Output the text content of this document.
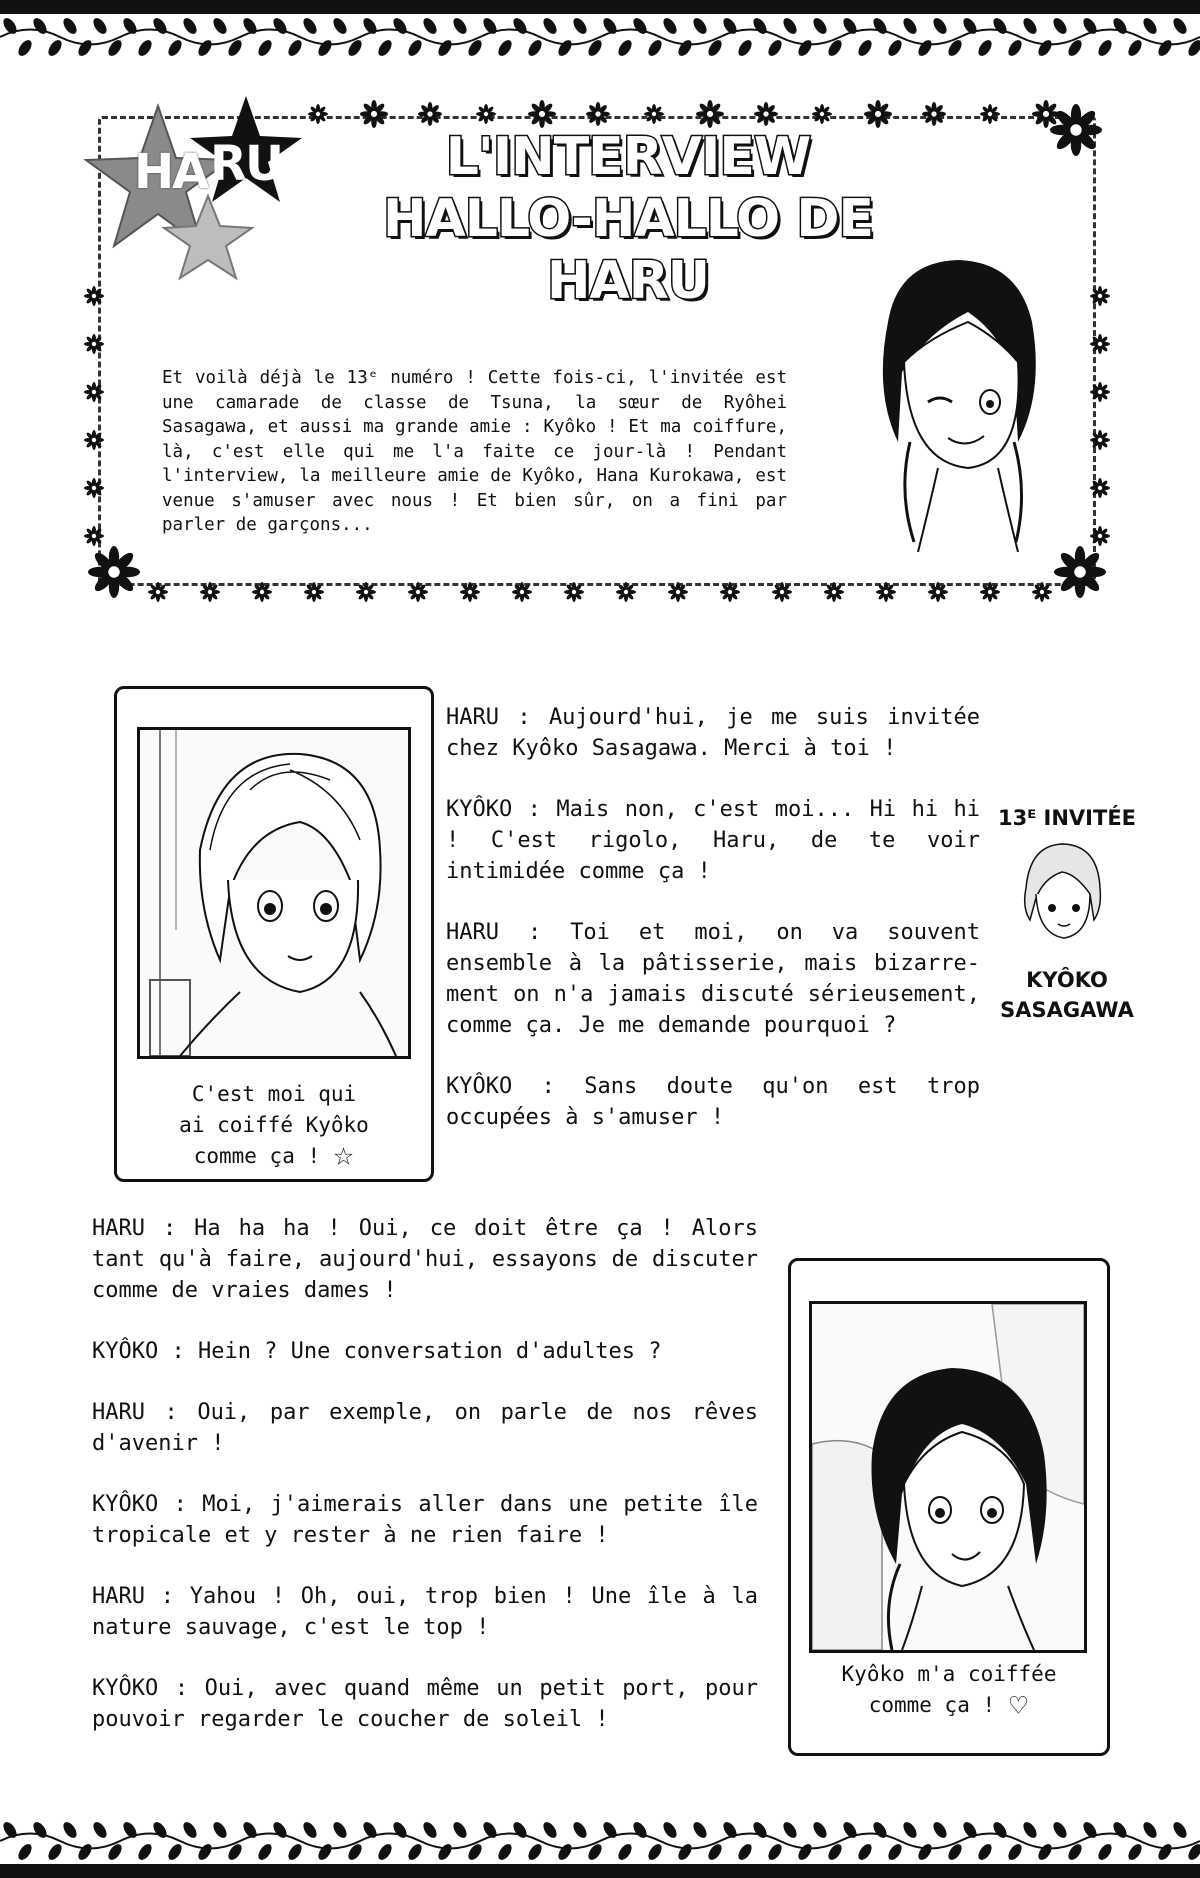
HA RU	L'INTERVIEW
HALLO-HALLO DE HARU
Et voilà déjà le 13ᵉ numéro ! Cette fois-ci, l'invitée est une camarade de classe de Tsuna, la sœur de Ryôhei Sasagawa, et aussi ma grande amie : Kyôko ! Et ma coiffure, là, c'est elle qui me l'a faite ce jour-là ! Pendant l'interview, la meilleure amie de Kyôko, Hana Kurokawa, est venue s'amuser avec nous ! Et bien sûr, on a fini par parler de garçons...
C'est moi qui
ai coiffé Kyôko
comme ça ! ☆

HARU : Aujourd'hui, je me suis invitée chez Kyôko Sasagawa. Merci à toi !

KYÔKO : Mais non, c'est moi... Hi hi hi ! C'est rigolo, Haru, de te voir intimidée comme ça !

HARU : Toi et moi, on va souvent ensemble à la pâtisserie, mais bizarre-ment on n'a jamais discuté sérieusement, comme ça. Je me demande pourquoi ?

KYÔKO : Sans doute qu'on est trop occupées à s'amuser !

13ᴱ INVITÉE
KYÔKO
SASAGAWA

HARU : Ha ha ha ! Oui, ce doit être ça ! Alors tant qu'à faire, aujourd'hui, essayons de discuter comme de vraies dames !

KYÔKO : Hein ? Une conversation d'adultes ?

HARU : Oui, par exemple, on parle de nos rêves d'avenir !

KYÔKO : Moi, j'aimerais aller dans une petite île tropicale et y rester à ne rien faire !

HARU : Yahou ! Oh, oui, trop bien ! Une île à la nature sauvage, c'est le top !

KYÔKO : Oui, avec quand même un petit port, pour pouvoir regarder le coucher de soleil !

Kyôko m'a coiffée
comme ça ! ♡
